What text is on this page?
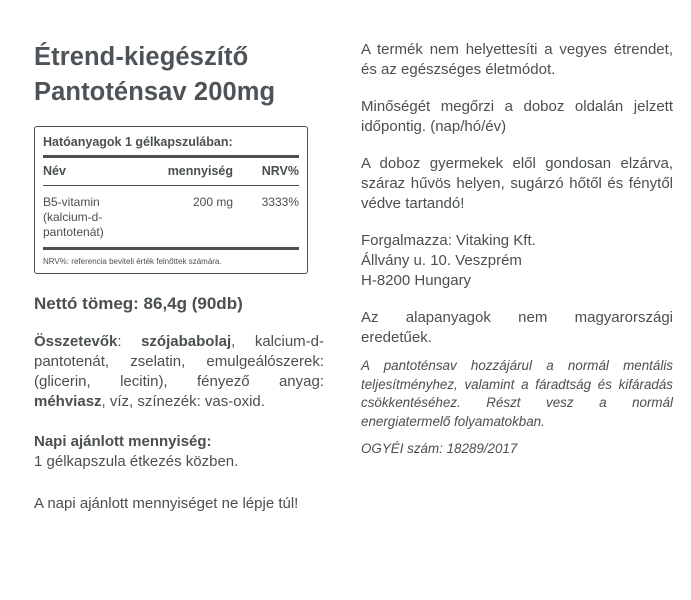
Étrend-kiegészítő
Pantoténsav 200mg
Hatóanyagok 1 gélkapszulában:
Név	mennyiség	NRV%
B5-vitamin
(kalcium-d-pantotenát)
200 mg	3333%
NRV%: referencia beviteli érték felnőttek számára.
Nettó tömeg: 86,4g (90db)

Összetevők: szójababolaj, kalcium-d-pantotenát, zselatin, emulgeálószerek: (glicerin, lecitin), fényező anyag: méhviasz, víz, színezék: vas-oxid.

Napi ajánlott mennyiség:

1 gélkapszula étkezés közben.

A napi ajánlott mennyiséget ne lépje túl!

A termék nem helyettesíti a vegyes étrendet, és az egészséges életmódot.

Minőségét megőrzi a doboz oldalán jelzett időpontig. (nap/hó/év)

A doboz gyermekek elől gondosan elzárva, száraz hűvös helyen, sugárzó hőtől és fénytől védve tartandó!

Forgalmazza: Vitaking Kft.
Állvány u. 10. Veszprém
H-8200 Hungary

Az alapanyagok nem magyarországi eredetűek.

A pantoténsav hozzájárul a normál mentális teljesítményhez, valamint a fáradtság és kifáradás csökkentéséhez. Részt vesz a normál energiatermelő folyamatokban.

OGYÉI szám: 18289/2017
